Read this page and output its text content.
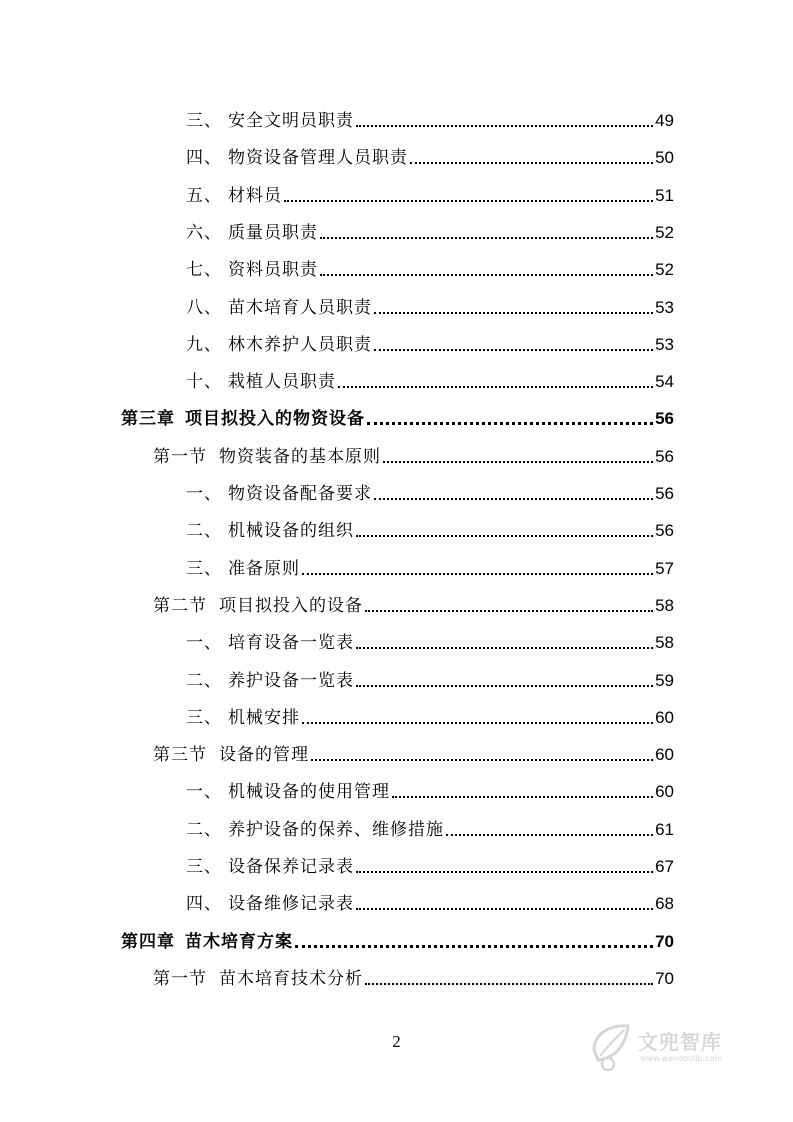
三、 安全文明员职责	49
四、 物资设备管理人员职责	50
五、 材料员	51
六、 质量员职责	52
七、 资料员职责	52
八、 苗木培育人员职责	53
九、 林木养护人员职责	53
十、 栽植人员职责	54
第三章 项目拟投入的物资设备	56
第一节 物资装备的基本原则	56
一、 物资设备配备要求	56
二、 机械设备的组织	56
三、 准备原则	57
第二节 项目拟投入的设备	58
一、 培育设备一览表	58
二、 养护设备一览表	59
三、 机械安排	60
第三节 设备的管理	60
一、 机械设备的使用管理	60
二、 养护设备的保养、维修措施	61
三、 设备保养记录表	67
四、 设备维修记录表	68
第四章 苗木培育方案	70
第一节 苗木培育技术分析	70
2	文兜智库
www.wendoulib.com
